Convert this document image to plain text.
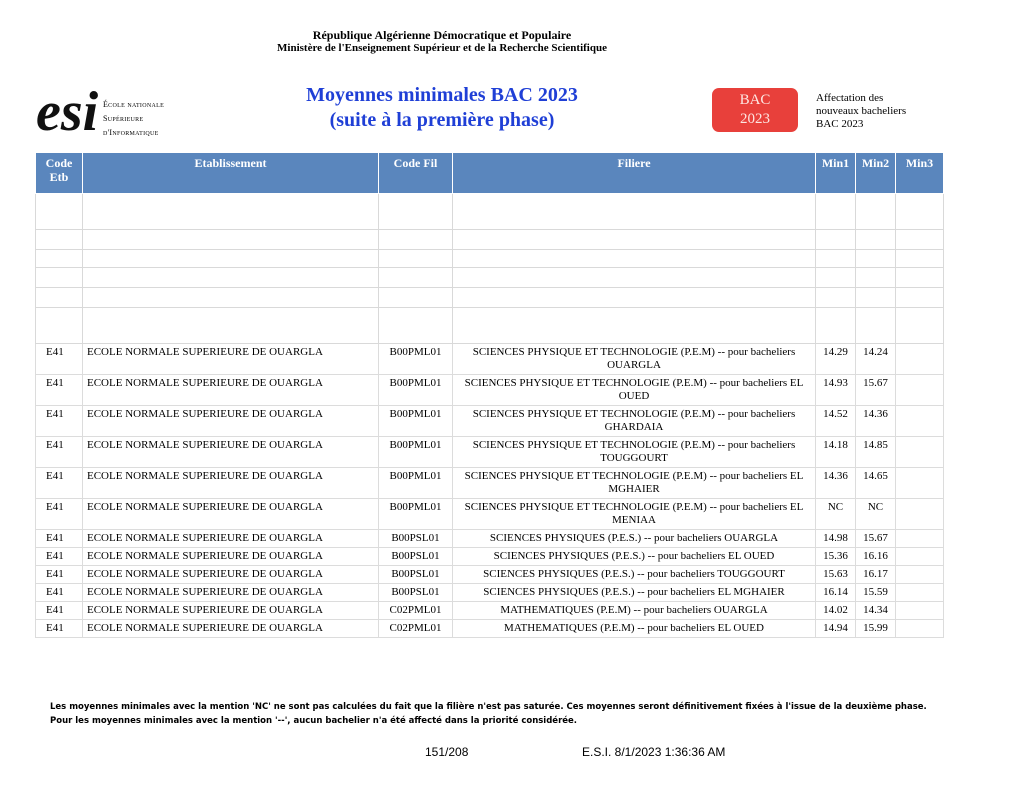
République Algérienne Démocratique et Populaire
Ministère de l'Enseignement Supérieur et de la Recherche Scientifique
esi École nationale
Supérieure
d'Informatique
Moyennes minimales BAC 2023
(suite à la première phase)
BAC
2023
Affectation des
nouveaux bacheliers
BAC 2023
Code Etb	Etablissement	Code Fil	Filiere	Min1	Min2	Min3

E41	ECOLE NORMALE SUPERIEURE DE OUARGLA	B00PML01	SCIENCES PHYSIQUE ET TECHNOLOGIE (P.E.M) -- pour bacheliers OUARGLA	14.29	14.24	
E41	ECOLE NORMALE SUPERIEURE DE OUARGLA	B00PML01	SCIENCES PHYSIQUE ET TECHNOLOGIE (P.E.M) -- pour bacheliers EL OUED	14.93	15.67	
E41	ECOLE NORMALE SUPERIEURE DE OUARGLA	B00PML01	SCIENCES PHYSIQUE ET TECHNOLOGIE (P.E.M) -- pour bacheliers GHARDAIA	14.52	14.36	
E41	ECOLE NORMALE SUPERIEURE DE OUARGLA	B00PML01	SCIENCES PHYSIQUE ET TECHNOLOGIE (P.E.M) -- pour bacheliers TOUGGOURT	14.18	14.85	
E41	ECOLE NORMALE SUPERIEURE DE OUARGLA	B00PML01	SCIENCES PHYSIQUE ET TECHNOLOGIE (P.E.M) -- pour bacheliers EL MGHAIER	14.36	14.65	
E41	ECOLE NORMALE SUPERIEURE DE OUARGLA	B00PML01	SCIENCES PHYSIQUE ET TECHNOLOGIE (P.E.M) -- pour bacheliers EL MENIAA	NC	NC	
E41	ECOLE NORMALE SUPERIEURE DE OUARGLA	B00PSL01	SCIENCES PHYSIQUES (P.E.S.) -- pour bacheliers OUARGLA	14.98	15.67	
E41	ECOLE NORMALE SUPERIEURE DE OUARGLA	B00PSL01	SCIENCES PHYSIQUES (P.E.S.) -- pour bacheliers EL OUED	15.36	16.16	
E41	ECOLE NORMALE SUPERIEURE DE OUARGLA	B00PSL01	SCIENCES PHYSIQUES (P.E.S.) -- pour bacheliers TOUGGOURT	15.63	16.17	
E41	ECOLE NORMALE SUPERIEURE DE OUARGLA	B00PSL01	SCIENCES PHYSIQUES (P.E.S.) -- pour bacheliers EL MGHAIER	16.14	15.59	
E41	ECOLE NORMALE SUPERIEURE DE OUARGLA	C02PML01	MATHEMATIQUES (P.E.M) -- pour bacheliers OUARGLA	14.02	14.34	
E41	ECOLE NORMALE SUPERIEURE DE OUARGLA	C02PML01	MATHEMATIQUES (P.E.M) -- pour bacheliers EL OUED	14.94	15.99	
Les moyennes minimales avec la mention 'NC' ne sont pas calculées du fait que la filière n'est pas saturée. Ces moyennes seront définitivement fixées à l'issue de la deuxième phase.
Pour les moyennes minimales avec la mention '--', aucun bachelier n'a été affecté dans la priorité considérée.
151/208	E.S.I. 8/1/2023 1:36:36 AM
